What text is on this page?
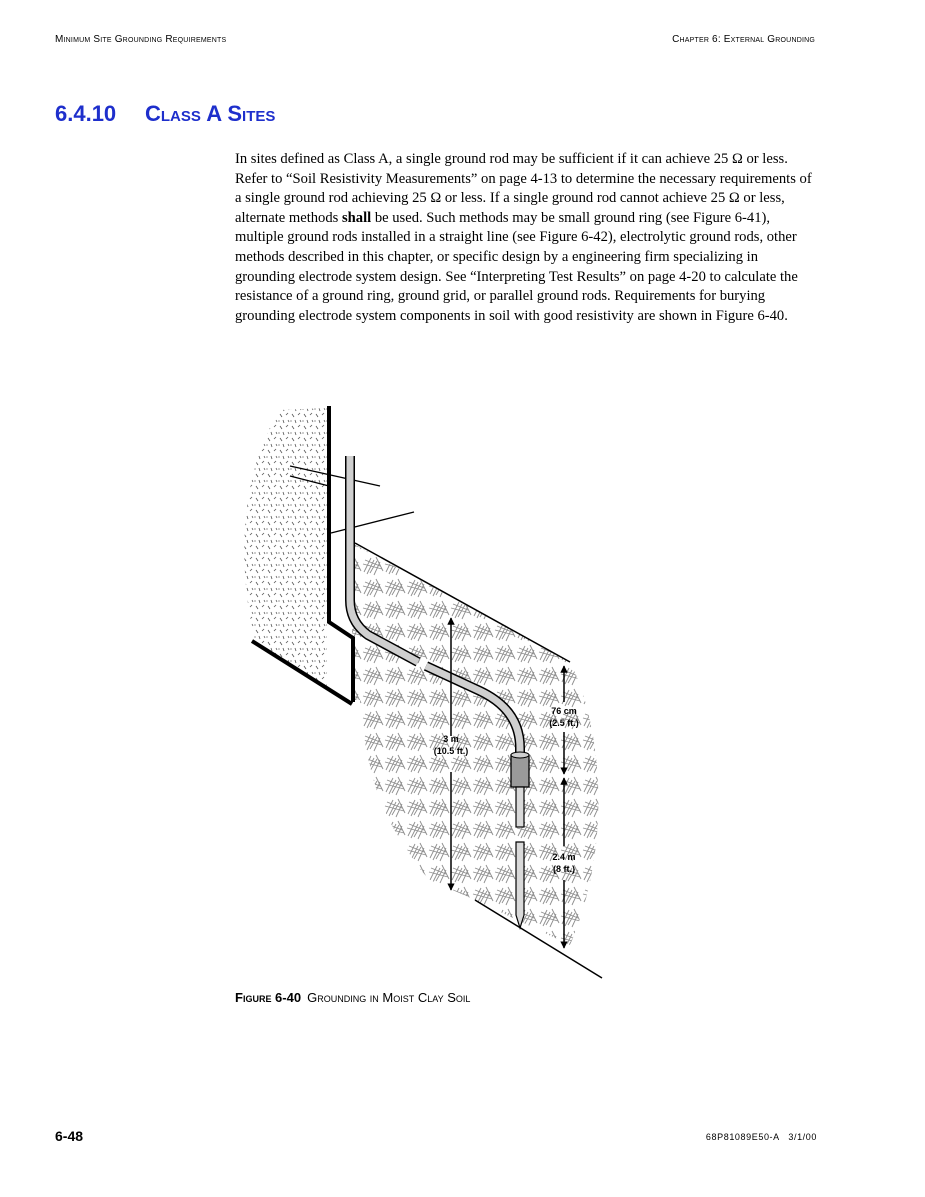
Minimum Site Grounding Requirements	Chapter 6: External Grounding
6.4.10 Class A Sites

In sites defined as Class A, a single ground rod may be sufficient if it can achieve 25 Ω or less. Refer to “Soil Resistivity Measurements” on page 4-13 to determine the necessary requirements of a single ground rod achieving 25 Ω or less. If a single ground rod cannot achieve 25 Ω or less, alternate methods shall be used. Such methods may be small ground ring (see Figure 6-41), multiple ground rods installed in a straight line (see Figure 6-42), electrolytic ground rods, other methods described in this chapter, or specific design by a engineering firm specializing in grounding electrode system design. See “Interpreting Test Results” on page 4-20 to calculate the resistance of a ground ring, ground grid, or parallel ground rods. Requirements for burying grounding electrode system components in soil with good resistivity are shown in Figure 6-40.

3 m
(10.5 ft.)
76 cm
(2.5 ft.)
2.4 m
(8 ft.)
Figure 6-40 Grounding in Moist Clay Soil
6-48	68P81089E50-A 3/1/00
